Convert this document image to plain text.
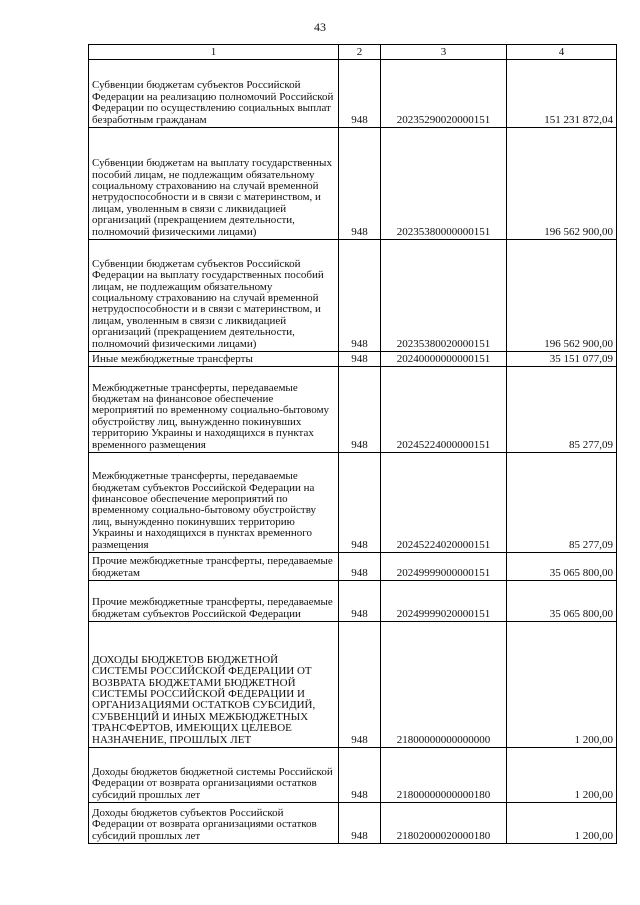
43
1	2	3	4
Субвенции бюджетам субъектов Российской Федерации на реализацию полномочий Российской Федерации по осуществлению социальных выплат безработным гражданам	948	20235290020000151	151 231 872,04
Субвенции бюджетам на выплату государственных пособий лицам, не подлежащим обязательному социальному страхованию на случай временной нетрудоспособности и в связи с материнством, и лицам, уволенным в связи с ликвидацией организаций (прекращением деятельности, полномочий физическими лицами)	948	20235380000000151	196 562 900,00
Субвенции бюджетам субъектов Российской Федерации на выплату государственных пособий лицам, не подлежащим обязательному социальному страхованию на случай временной нетрудоспособности и в связи с материнством, и лицам, уволенным в связи с ликвидацией организаций (прекращением деятельности, полномочий физическими лицами)	948	20235380020000151	196 562 900,00
Иные межбюджетные трансферты	948	20240000000000151	35 151 077,09
Межбюджетные трансферты, передаваемые бюджетам на финансовое обеспечение мероприятий по временному социально-бытовому обустройству лиц, вынужденно покинувших территорию Украины и находящихся в пунктах временного размещения	948	20245224000000151	85 277,09
Межбюджетные трансферты, передаваемые бюджетам субъектов Российской Федерации на финансовое обеспечение мероприятий по временному социально-бытовому обустройству лиц, вынужденно покинувших территорию Украины и находящихся в пунктах временного размещения	948	20245224020000151	85 277,09
Прочие межбюджетные трансферты, передаваемые бюджетам	948	20249999000000151	35 065 800,00
Прочие межбюджетные трансферты, передаваемые бюджетам субъектов Российской Федерации	948	20249999020000151	35 065 800,00
ДОХОДЫ БЮДЖЕТОВ БЮДЖЕТНОЙ СИСТЕМЫ РОССИЙСКОЙ ФЕДЕРАЦИИ ОТ ВОЗВРАТА БЮДЖЕТАМИ БЮДЖЕТНОЙ СИСТЕМЫ РОССИЙСКОЙ ФЕДЕРАЦИИ И ОРГАНИЗАЦИЯМИ ОСТАТКОВ СУБСИДИЙ, СУБВЕНЦИЙ И ИНЫХ МЕЖБЮДЖЕТНЫХ ТРАНСФЕРТОВ, ИМЕЮЩИХ ЦЕЛЕВОЕ НАЗНАЧЕНИЕ, ПРОШЛЫХ ЛЕТ	948	21800000000000000	1 200,00
Доходы бюджетов бюджетной системы Российской Федерации от возврата организациями остатков субсидий прошлых лет	948	21800000000000180	1 200,00
Доходы бюджетов субъектов Российской Федерации от возврата организациями остатков субсидий прошлых лет	948	21802000020000180	1 200,00
